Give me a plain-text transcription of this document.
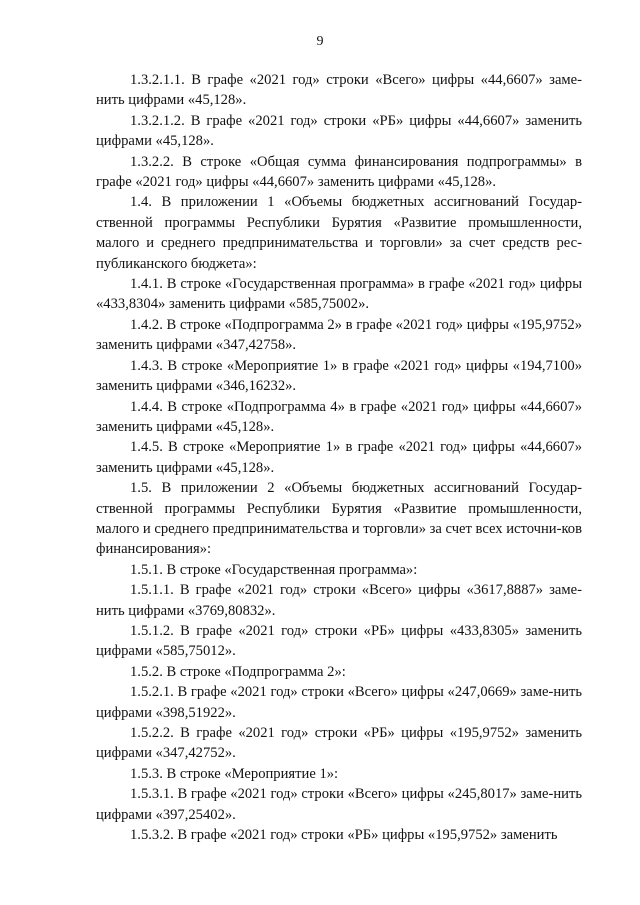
9

1.3.2.1.1. В графе «2021 год» строки «Всего» цифры «44,6607» заме-нить цифрами «45,128».

1.3.2.1.2. В графе «2021 год» строки «РБ» цифры «44,6607» заменить цифрами «45,128».

1.3.2.2. В строке «Общая сумма финансирования подпрограммы» в графе «2021 год» цифры «44,6607» заменить цифрами «45,128».

1.4. В приложении 1 «Объемы бюджетных ассигнований Государ-ственной программы Республики Бурятия «Развитие промышленности, малого и среднего предпринимательства и торговли» за счет средств рес-публиканского бюджета»:

1.4.1. В строке «Государственная программа» в графе «2021 год» цифры «433,8304» заменить цифрами «585,75002».

1.4.2. В строке «Подпрограмма 2» в графе «2021 год» цифры «195,9752» заменить цифрами «347,42758».

1.4.3. В строке «Мероприятие 1» в графе «2021 год» цифры «194,7100» заменить цифрами «346,16232».

1.4.4. В строке «Подпрограмма 4» в графе «2021 год» цифры «44,6607» заменить цифрами «45,128».

1.4.5. В строке «Мероприятие 1» в графе «2021 год» цифры «44,6607» заменить цифрами «45,128».

1.5. В приложении 2 «Объемы бюджетных ассигнований Государ-ственной программы Республики Бурятия «Развитие промышленности, малого и среднего предпринимательства и торговли» за счет всех источни-ков финансирования»:

1.5.1. В строке «Государственная программа»:

1.5.1.1. В графе «2021 год» строки «Всего» цифры «3617,8887» заме-нить цифрами «3769,80832».

1.5.1.2. В графе «2021 год» строки «РБ» цифры «433,8305» заменить цифрами «585,75012».

1.5.2. В строке «Подпрограмма 2»:

1.5.2.1. В графе «2021 год» строки «Всего» цифры «247,0669» заме-нить цифрами «398,51922».

1.5.2.2. В графе «2021 год» строки «РБ» цифры «195,9752» заменить цифрами «347,42752».

1.5.3. В строке «Мероприятие 1»:

1.5.3.1. В графе «2021 год» строки «Всего» цифры «245,8017» заме-нить цифрами «397,25402».

1.5.3.2. В графе «2021 год» строки «РБ» цифры «195,9752» заменить
